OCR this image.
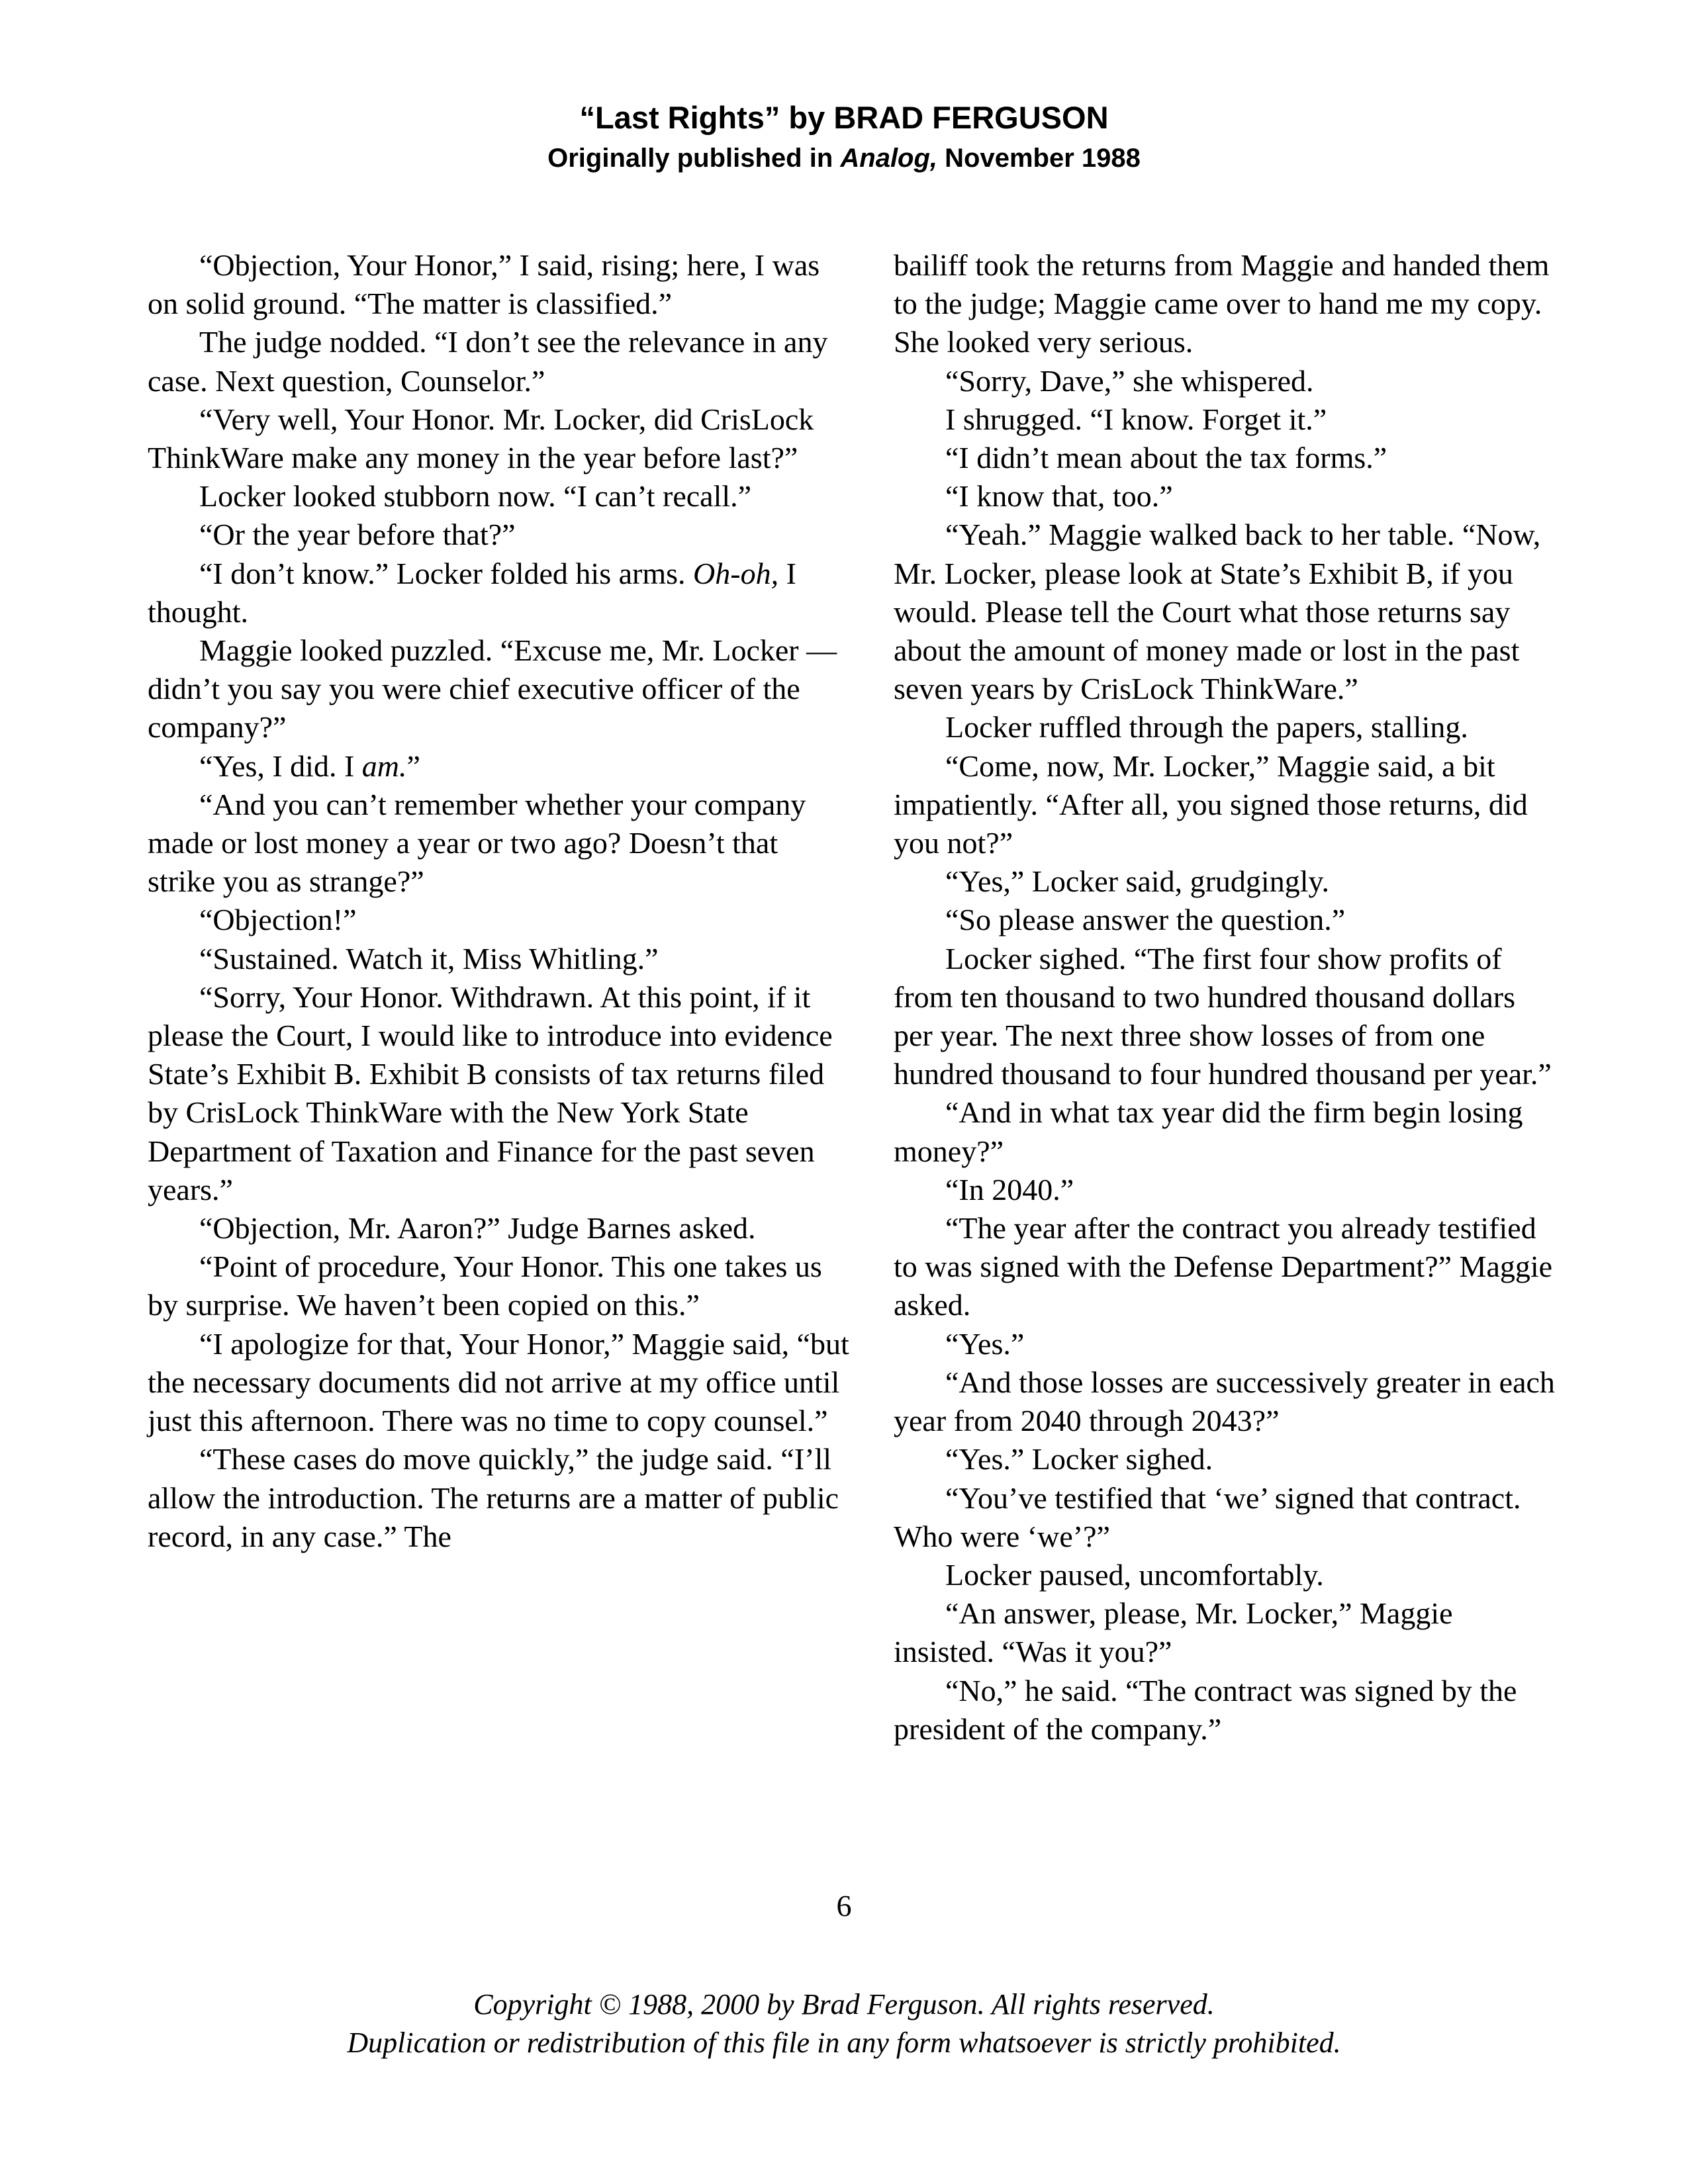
“Last Rights” by BRAD FERGUSON
Originally published in Analog, November 1988

“Objection, Your Honor,” I said, rising; here, I was on solid ground. “The matter is classified.”

The judge nodded. “I don’t see the relevance in any case. Next question, Counselor.”

“Very well, Your Honor. Mr. Locker, did CrisLock ThinkWare make any money in the year before last?”

Locker looked stubborn now. “I can’t recall.”

“Or the year before that?”

“I don’t know.” Locker folded his arms. Oh-oh, I thought.

Maggie looked puzzled. “Excuse me, Mr. Locker — didn’t you say you were chief executive officer of the company?”

“Yes, I did. I am.”

“And you can’t remember whether your company made or lost money a year or two ago? Doesn’t that strike you as strange?”

“Objection!”

“Sustained. Watch it, Miss Whitling.”

“Sorry, Your Honor. Withdrawn. At this point, if it please the Court, I would like to introduce into evidence State’s Exhibit B. Exhibit B consists of tax returns filed by CrisLock ThinkWare with the New York State Department of Taxation and Finance for the past seven years.”

“Objection, Mr. Aaron?” Judge Barnes asked.

“Point of procedure, Your Honor. This one takes us by surprise. We haven’t been copied on this.”

“I apologize for that, Your Honor,” Maggie said, “but the necessary documents did not arrive at my office until just this afternoon. There was no time to copy counsel.”

“These cases do move quickly,” the judge said. “I’ll allow the introduction. The returns are a matter of public record, in any case.” The

bailiff took the returns from Maggie and handed them to the judge; Maggie came over to hand me my copy. She looked very serious.

“Sorry, Dave,” she whispered.

I shrugged. “I know. Forget it.”

“I didn’t mean about the tax forms.”

“I know that, too.”

“Yeah.” Maggie walked back to her table. “Now, Mr. Locker, please look at State’s Exhibit B, if you would. Please tell the Court what those returns say about the amount of money made or lost in the past seven years by CrisLock ThinkWare.”

Locker ruffled through the papers, stalling.

“Come, now, Mr. Locker,” Maggie said, a bit impatiently. “After all, you signed those returns, did you not?”

“Yes,” Locker said, grudgingly.

“So please answer the question.”

Locker sighed. “The first four show profits of from ten thousand to two hundred thousand dollars per year. The next three show losses of from one hundred thousand to four hundred thousand per year.”

“And in what tax year did the firm begin losing money?”

“In 2040.”

“The year after the contract you already testified to was signed with the Defense Department?” Maggie asked.

“Yes.”

“And those losses are successively greater in each year from 2040 through 2043?”

“Yes.” Locker sighed.

“You’ve testified that ‘we’ signed that contract. Who were ‘we’?”

Locker paused, uncomfortably.

“An answer, please, Mr. Locker,” Maggie insisted. “Was it you?”

“No,” he said. “The contract was signed by the president of the company.”

6
Copyright © 1988, 2000 by Brad Ferguson. All rights reserved.
Duplication or redistribution of this file in any form whatsoever is strictly prohibited.
